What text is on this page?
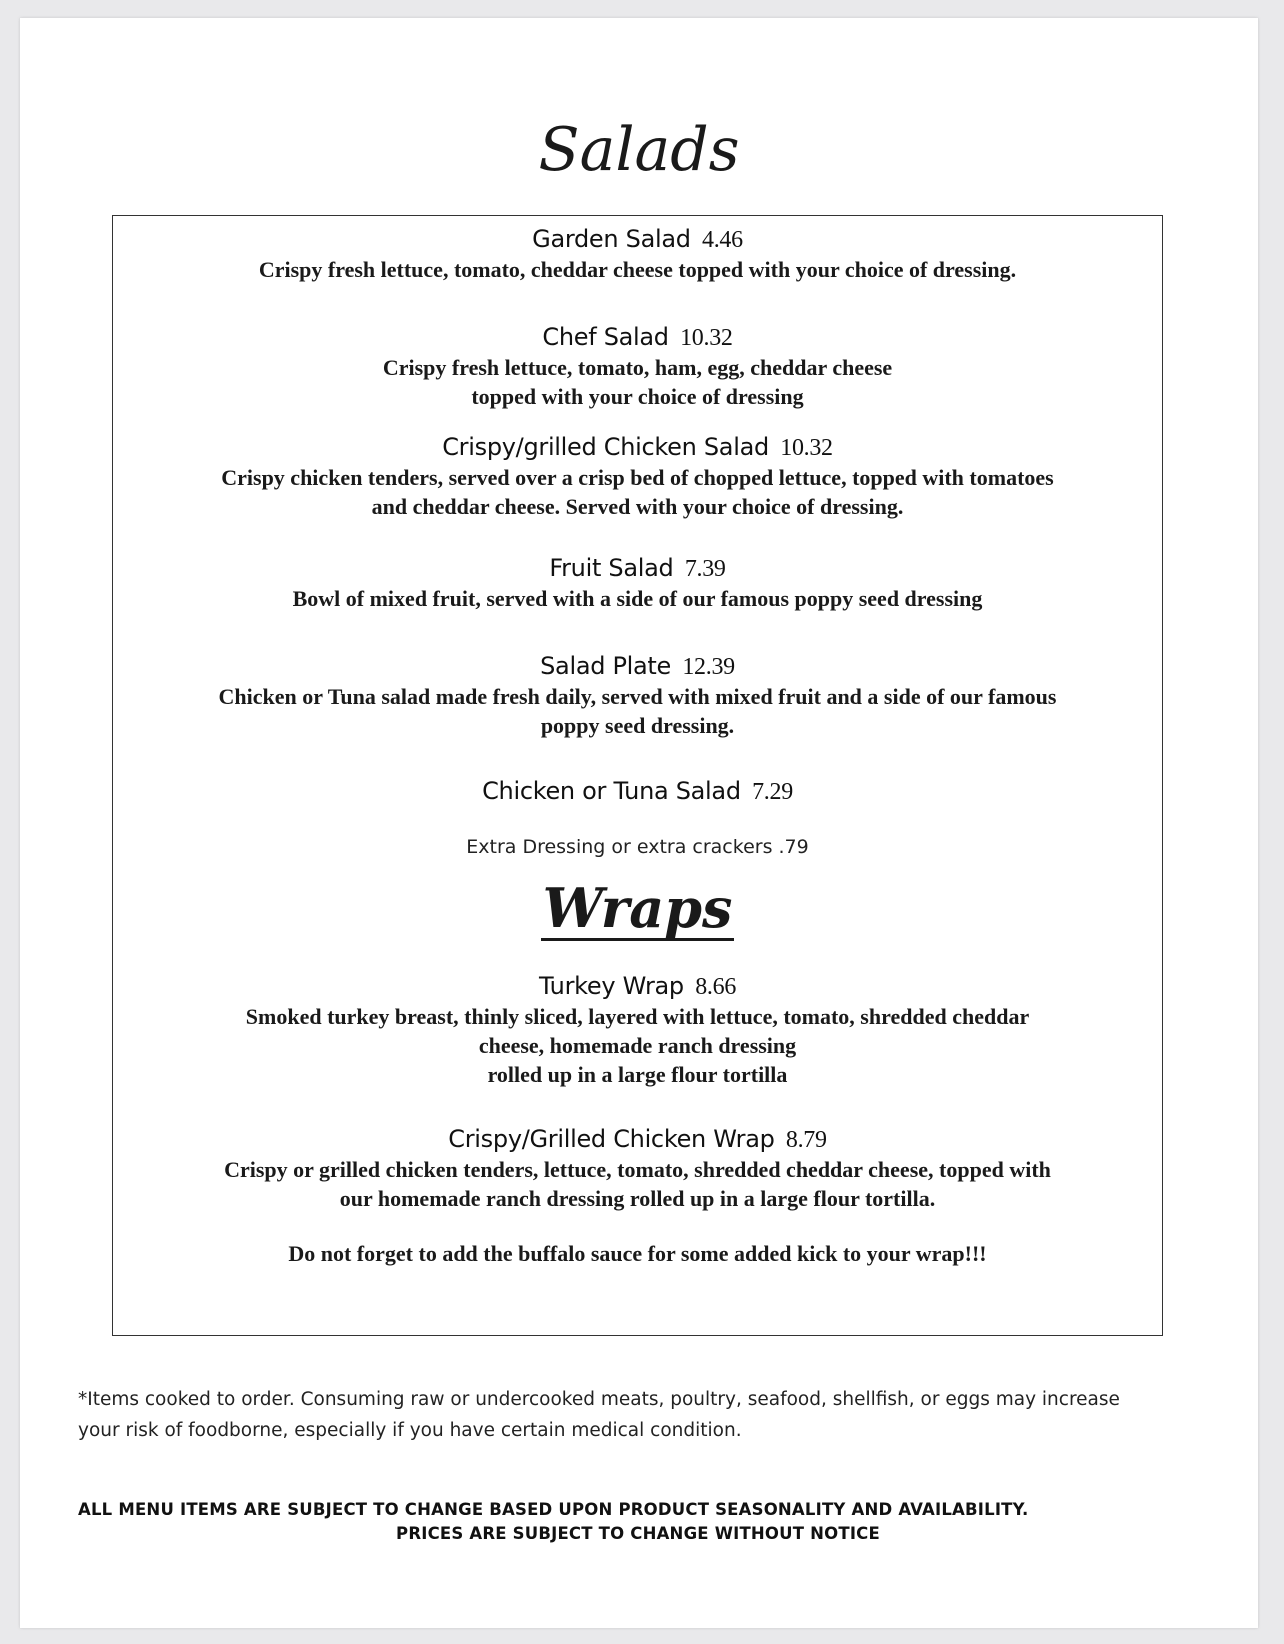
Salads
Garden Salad 4.46
Crispy fresh lettuce, tomato, cheddar cheese topped with your choice of dressing.
Chef Salad 10.32
Crispy fresh lettuce, tomato, ham, egg, cheddar cheese
topped with your choice of dressing
Crispy/grilled Chicken Salad 10.32
Crispy chicken tenders, served over a crisp bed of chopped lettuce, topped with tomatoes
and cheddar cheese. Served with your choice of dressing.
Fruit Salad 7.39
Bowl of mixed fruit, served with a side of our famous poppy seed dressing
Salad Plate 12.39
Chicken or Tuna salad made fresh daily, served with mixed fruit and a side of our famous
poppy seed dressing.
Chicken or Tuna Salad 7.29
Extra Dressing or extra crackers .79
Wraps
Turkey Wrap 8.66
Smoked turkey breast, thinly sliced, layered with lettuce, tomato, shredded cheddar
cheese, homemade ranch dressing
rolled up in a large flour tortilla
Crispy/Grilled Chicken Wrap 8.79
Crispy or grilled chicken tenders, lettuce, tomato, shredded cheddar cheese, topped with
our homemade ranch dressing rolled up in a large flour tortilla.
Do not forget to add the buffalo sauce for some added kick to your wrap!!!
*Items cooked to order. Consuming raw or undercooked meats, poultry, seafood, shellfish, or eggs may increase
your risk of foodborne, especially if you have certain medical condition.
ALL MENU ITEMS ARE SUBJECT TO CHANGE BASED UPON PRODUCT SEASONALITY AND AVAILABILITY.
PRICES ARE SUBJECT TO CHANGE WITHOUT NOTICE
